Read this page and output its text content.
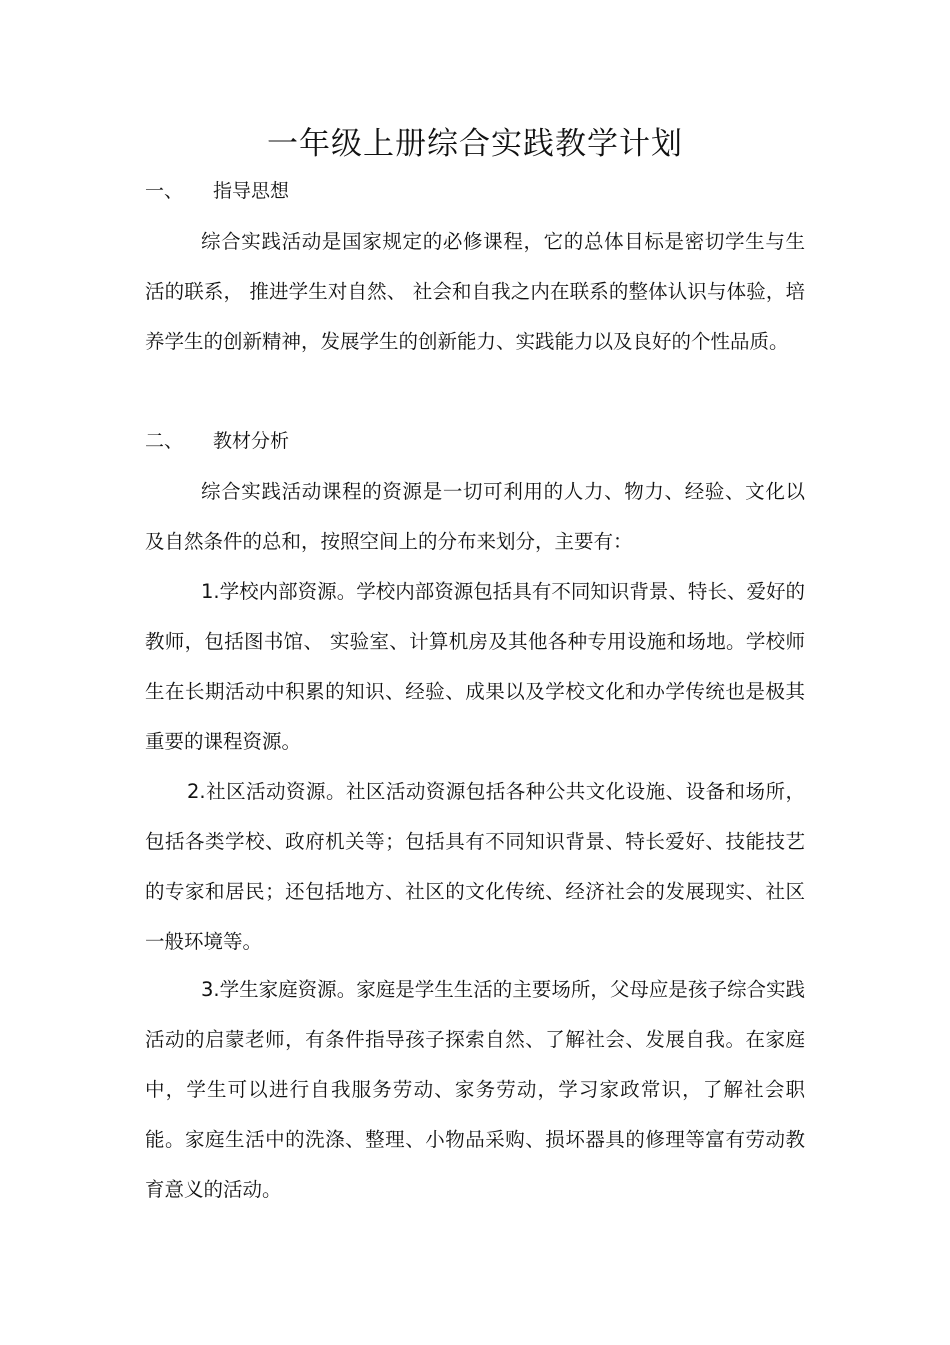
一年级上册综合实践教学计划
一、 指导思想

综合实践活动是国家规定的必修课程，它的总体目标是密切学生与生活的联系， 推进学生对自然、 社会和自我之内在联系的整体认识与体验，培养学生的创新精神，发展学生的创新能力、实践能力以及良好的个性品质。

二、 教材分析

综合实践活动课程的资源是一切可利用的人力、物力、经验、文化以及自然条件的总和，按照空间上的分布来划分，主要有：

1.学校内部资源。学校内部资源包括具有不同知识背景、特长、爱好的教师，包括图书馆、 实验室、计算机房及其他各种专用设施和场地。学校师生在长期活动中积累的知识、经验、成果以及学校文化和办学传统也是极其重要的课程资源。

2.社区活动资源。社区活动资源包括各种公共文化设施、设备和场所，包括各类学校、政府机关等；包括具有不同知识背景、特长爱好、技能技艺的专家和居民；还包括地方、社区的文化传统、经济社会的发展现实、社区一般环境等。

3.学生家庭资源。家庭是学生生活的主要场所，父母应是孩子综合实践活动的启蒙老师，有条件指导孩子探索自然、了解社会、发展自我。在家庭中，学生可以进行自我服务劳动、家务劳动，学习家政常识，了解社会职能。家庭生活中的洗涤、整理、小物品采购、损坏器具的修理等富有劳动教育意义的活动。
